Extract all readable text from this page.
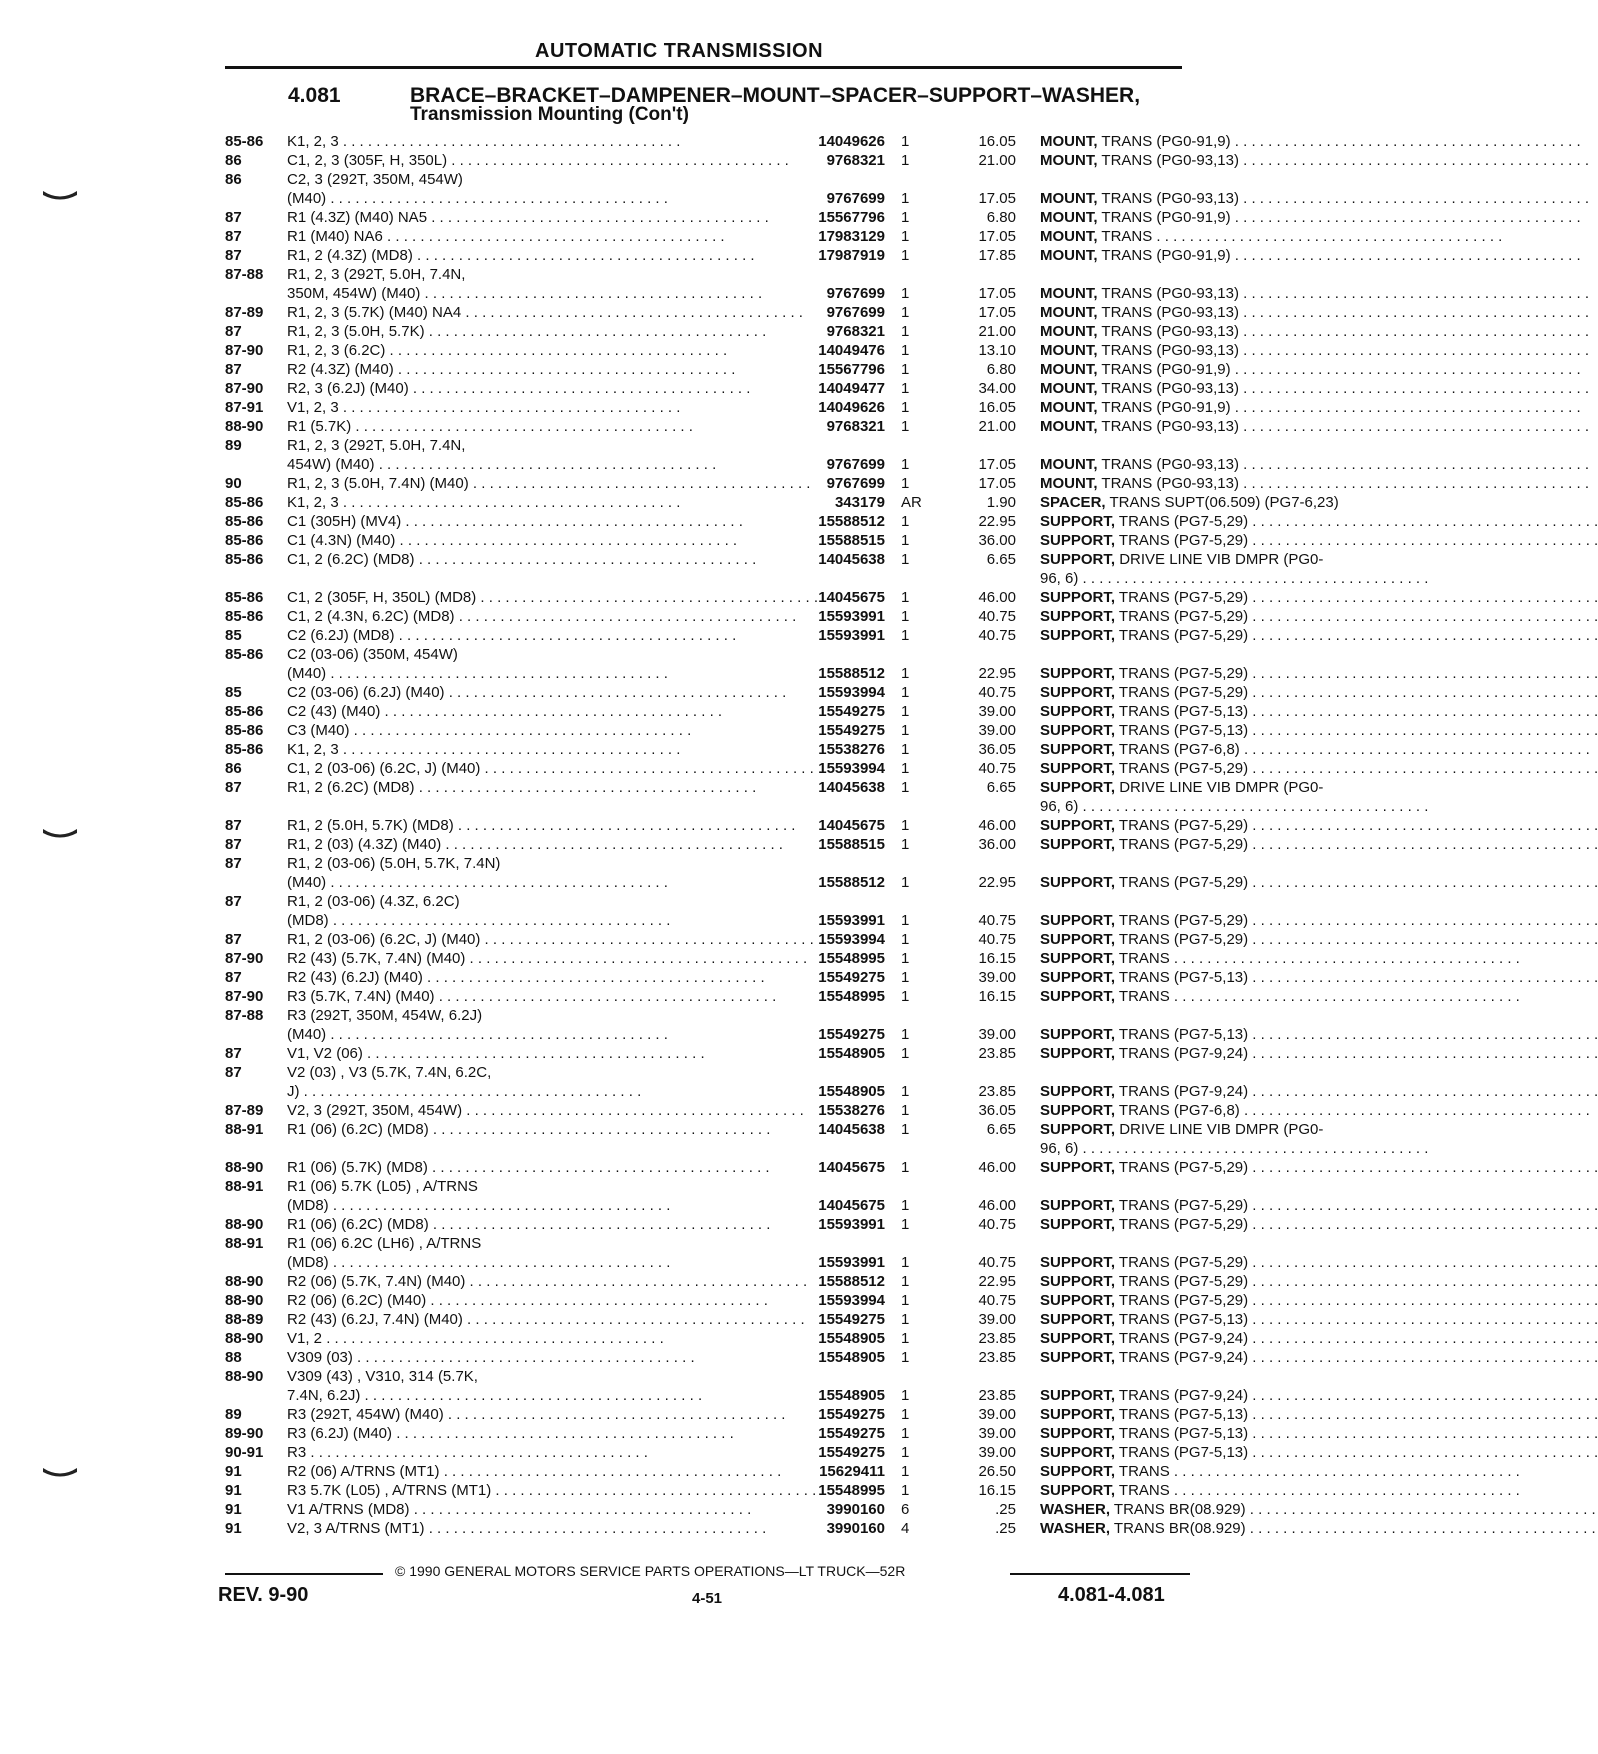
AUTOMATIC TRANSMISSION
4.081	BRACE–BRACKET–DAMPENER–MOUNT–SPACER–SUPPORT–WASHER,
Transmission Mounting (Con't)
85-86	K1, 2, 3 . . .	14049626 1	16.05 MOUNT, TRANS (PG0-91,9) . . .
86	C1, 2, 3 (305F, H, 350L) . . .	9768321 1	21.00 MOUNT, TRANS (PG0-93,13) . . .
86	C2, 3 (292T, 350M, 454W)
(M40) . . .	9767699 1	17.05 MOUNT, TRANS (PG0-93,13) . . .
87	R1 (4.3Z) (M40) NA5 . . .	15567796 1	6.80 MOUNT, TRANS (PG0-91,9) . . .
87	R1 (M40) NA6 . . .	17983129 1	17.05 MOUNT, TRANS . . .
87	R1, 2 (4.3Z) (MD8) . . .	17987919 1	17.85 MOUNT, TRANS (PG0-91,9) . . .
87-88	R1, 2, 3 (292T, 5.0H, 7.4N,
350M, 454W) (M40) . . .	9767699 1	17.05 MOUNT, TRANS (PG0-93,13) . . .
87-89	R1, 2, 3 (5.7K) (M40) NA4 . . .	9767699 1	17.05 MOUNT, TRANS (PG0-93,13) . . .
87	R1, 2, 3 (5.0H, 5.7K) . . .	9768321 1	21.00 MOUNT, TRANS (PG0-93,13) . . .
87-90	R1, 2, 3 (6.2C) . . .	14049476 1	13.10 MOUNT, TRANS (PG0-93,13) . . .
87	R2 (4.3Z) (M40) . . .	15567796 1	6.80 MOUNT, TRANS (PG0-91,9) . . .
87-90	R2, 3 (6.2J) (M40) . . .	14049477 1	34.00 MOUNT, TRANS (PG0-93,13) . . .
87-91	V1, 2, 3 . . .	14049626 1	16.05 MOUNT, TRANS (PG0-91,9) . . .
88-90	R1 (5.7K) . . .	9768321 1	21.00 MOUNT, TRANS (PG0-93,13) . . .
89	R1, 2, 3 (292T, 5.0H, 7.4N,
454W) (M40) . . .	9767699 1	17.05 MOUNT, TRANS (PG0-93,13) . . .
90	R1, 2, 3 (5.0H, 7.4N) (M40) . . .	9767699 1	17.05 MOUNT, TRANS (PG0-93,13) . . .
85-86	K1, 2, 3 . . .	343179 AR	1.90 SPACER, TRANS SUPT(06.509) (PG7-6,23)
85-86	C1 (305H) (MV4) . . .	15588512 1	22.95 SUPPORT, TRANS (PG7-5,29) . . .
85-86	C1 (4.3N) (M40) . . .	15588515 1	36.00 SUPPORT, TRANS (PG7-5,29) . . .
85-86	C1, 2 (6.2C) (MD8) . . .	14045638 1	6.65 SUPPORT, DRIVE LINE VIB DMPR (PG0-
96, 6) . . .
85-86	C1, 2 (305F, H, 350L) (MD8) . . .	14045675 1	46.00 SUPPORT, TRANS (PG7-5,29) . . .
85-86	C1, 2 (4.3N, 6.2C) (MD8) . . .	15593991 1	40.75 SUPPORT, TRANS (PG7-5,29) . . .
85	C2 (6.2J) (MD8) . . .	15593991 1	40.75 SUPPORT, TRANS (PG7-5,29) . . .
85-86	C2 (03-06) (350M, 454W)
(M40) . . .	15588512 1	22.95 SUPPORT, TRANS (PG7-5,29) . . .
85	C2 (03-06) (6.2J) (M40) . . .	15593994 1	40.75 SUPPORT, TRANS (PG7-5,29) . . .
85-86	C2 (43) (M40) . . .	15549275 1	39.00 SUPPORT, TRANS (PG7-5,13) . . .
85-86	C3 (M40) . . .	15549275 1	39.00 SUPPORT, TRANS (PG7-5,13) . . .
85-86	K1, 2, 3 . . .	15538276 1	36.05 SUPPORT, TRANS (PG7-6,8) . . .
86	C1, 2 (03-06) (6.2C, J) (M40) . . .	15593994 1	40.75 SUPPORT, TRANS (PG7-5,29) . . .
87	R1, 2 (6.2C) (MD8) . . .	14045638 1	6.65 SUPPORT, DRIVE LINE VIB DMPR (PG0-
96, 6) . . .
87	R1, 2 (5.0H, 5.7K) (MD8) . . .	14045675 1	46.00 SUPPORT, TRANS (PG7-5,29) . . .
87	R1, 2 (03) (4.3Z) (M40) . . .	15588515 1	36.00 SUPPORT, TRANS (PG7-5,29) . . .
87	R1, 2 (03-06) (5.0H, 5.7K, 7.4N)
(M40) . . .	15588512 1	22.95 SUPPORT, TRANS (PG7-5,29) . . .
87	R1, 2 (03-06) (4.3Z, 6.2C)
(MD8) . . .	15593991 1	40.75 SUPPORT, TRANS (PG7-5,29) . . .
87	R1, 2 (03-06) (6.2C, J) (M40) . . .	15593994 1	40.75 SUPPORT, TRANS (PG7-5,29) . . .
87-90	R2 (43) (5.7K, 7.4N) (M40) . . .	15548995 1	16.15 SUPPORT, TRANS . . .
87	R2 (43) (6.2J) (M40) . . .	15549275 1	39.00 SUPPORT, TRANS (PG7-5,13) . . .
87-90	R3 (5.7K, 7.4N) (M40) . . .	15548995 1	16.15 SUPPORT, TRANS . . .
87-88	R3 (292T, 350M, 454W, 6.2J)
(M40) . . .	15549275 1	39.00 SUPPORT, TRANS (PG7-5,13) . . .
87	V1, V2 (06) . . .	15548905 1	23.85 SUPPORT, TRANS (PG7-9,24) . . .
87	V2 (03) , V3 (5.7K, 7.4N, 6.2C,
J) . . .	15548905 1	23.85 SUPPORT, TRANS (PG7-9,24) . . .
87-89	V2, 3 (292T, 350M, 454W) . . .	15538276 1	36.05 SUPPORT, TRANS (PG7-6,8) . . .
88-91	R1 (06) (6.2C) (MD8) . . .	14045638 1	6.65 SUPPORT, DRIVE LINE VIB DMPR (PG0-
96, 6) . . .
88-90	R1 (06) (5.7K) (MD8) . . .	14045675 1	46.00 SUPPORT, TRANS (PG7-5,29) . . .
88-91	R1 (06) 5.7K (L05) , A/TRNS
(MD8) . . .	14045675 1	46.00 SUPPORT, TRANS (PG7-5,29) . . .
88-90	R1 (06) (6.2C) (MD8) . . .	15593991 1	40.75 SUPPORT, TRANS (PG7-5,29) . . .
88-91	R1 (06) 6.2C (LH6) , A/TRNS
(MD8) . . .	15593991 1	40.75 SUPPORT, TRANS (PG7-5,29) . . .
88-90	R2 (06) (5.7K, 7.4N) (M40) . . .	15588512 1	22.95 SUPPORT, TRANS (PG7-5,29) . . .
88-90	R2 (06) (6.2C) (M40) . . .	15593994 1	40.75 SUPPORT, TRANS (PG7-5,29) . . .
88-89	R2 (43) (6.2J, 7.4N) (M40) . . .	15549275 1	39.00 SUPPORT, TRANS (PG7-5,13) . . .
88-90	V1, 2 . . .	15548905 1	23.85 SUPPORT, TRANS (PG7-9,24) . . .
88	V309 (03) . . .	15548905 1	23.85 SUPPORT, TRANS (PG7-9,24) . . .
88-90	V309 (43) , V310, 314 (5.7K,
7.4N, 6.2J) . . .	15548905 1	23.85 SUPPORT, TRANS (PG7-9,24) . . .
89	R3 (292T, 454W) (M40) . . .	15549275 1	39.00 SUPPORT, TRANS (PG7-5,13) . . .
89-90	R3 (6.2J) (M40) . . .	15549275 1	39.00 SUPPORT, TRANS (PG7-5,13) . . .
90-91	R3 . . .	15549275 1	39.00 SUPPORT, TRANS (PG7-5,13) . . .
91	R2 (06) A/TRNS (MT1) . . .	15629411 1	26.50 SUPPORT, TRANS . . .
91	R3 5.7K (L05) , A/TRNS (MT1) . . .	15548995 1	16.15 SUPPORT, TRANS . . .
91	V1 A/TRNS (MD8) . . .	3990160 6	.25 WASHER, TRANS BR(08.929) . . .
91	V2, 3 A/TRNS (MT1) . . .	3990160 4	.25 WASHER, TRANS BR(08.929) . . .
© 1990 GENERAL MOTORS SERVICE PARTS OPERATIONS—LT TRUCK—52R
REV. 9-90	4-51	4.081-4.081
